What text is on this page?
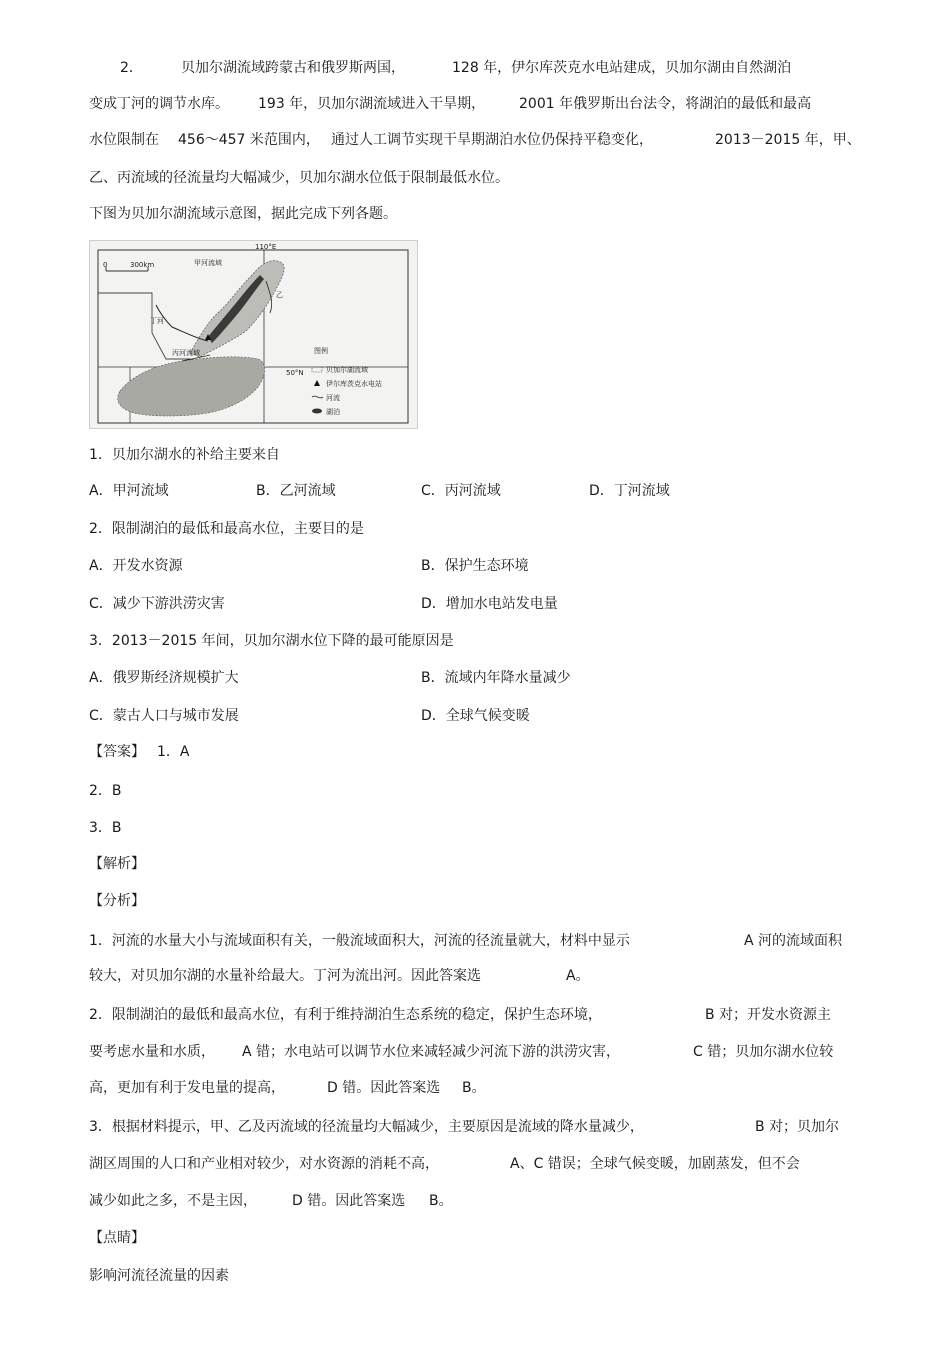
2．	贝加尔湖流域跨蒙古和俄罗斯两国，	128 年，伊尔库茨克水电站建成，贝加尔湖由自然湖泊
变成丁河的调节水库。 193 年，贝加尔湖流域进入干旱期， 2001 年俄罗斯出台法令，将湖泊的最低和最高
水位限制在 456～457 米范围内， 通过人工调节实现干旱期湖泊水位仍保持平稳变化，	2013－2015 年，甲、
乙、丙流域的径流量均大幅减少，贝加尔湖水位低于限制最低水位。
下图为贝加尔湖流域示意图，据此完成下列各题。
110°E
50°N
0	300km	甲河流域
丙河流域
丁河
乙
图例
贝加尔湖流域
伊尔库茨克水电站
河流
湖泊
1．贝加尔湖水的补给主要来自
A．甲河流域	B．乙河流域	C．丙河流域	D．丁河流域
2．限制湖泊的最低和最高水位，主要目的是
A．开发水资源	B．保护生态环境
C．减少下游洪涝灾害	D．增加水电站发电量
3．2013－2015 年间，贝加尔湖水位下降的最可能原因是
A．俄罗斯经济规模扩大	B．流域内年降水量减少
C．蒙古人口与城市发展	D．全球气候变暖
【答案】 1．A
2．B
3．B
【解析】
【分析】
1．河流的水量大小与流域面积有关，一般流域面积大，河流的径流量就大，材料中显示	A 河的流域面积
较大，对贝加尔湖的水量补给最大。丁河为流出河。因此答案选	A。
2．限制湖泊的最低和最高水位，有利于维持湖泊生态系统的稳定，保护生态环境，	B 对；开发水资源主
要考虑水量和水质， A 错；水电站可以调节水位来减轻减少河流下游的洪涝灾害，	C 错；贝加尔湖水位较
高，更加有利于发电量的提高，	D 错。因此答案选 B。
3．根据材料提示，甲、乙及丙流域的径流量均大幅减少，主要原因是流域的降水量减少，	B 对；贝加尔
湖区周围的人口和产业相对较少，对水资源的消耗不高，	A、C 错误；全球气候变暖，加剧蒸发，但不会
减少如此之多，不是主因，	D 错。因此答案选 B。
【点睛】
影响河流径流量的因素
